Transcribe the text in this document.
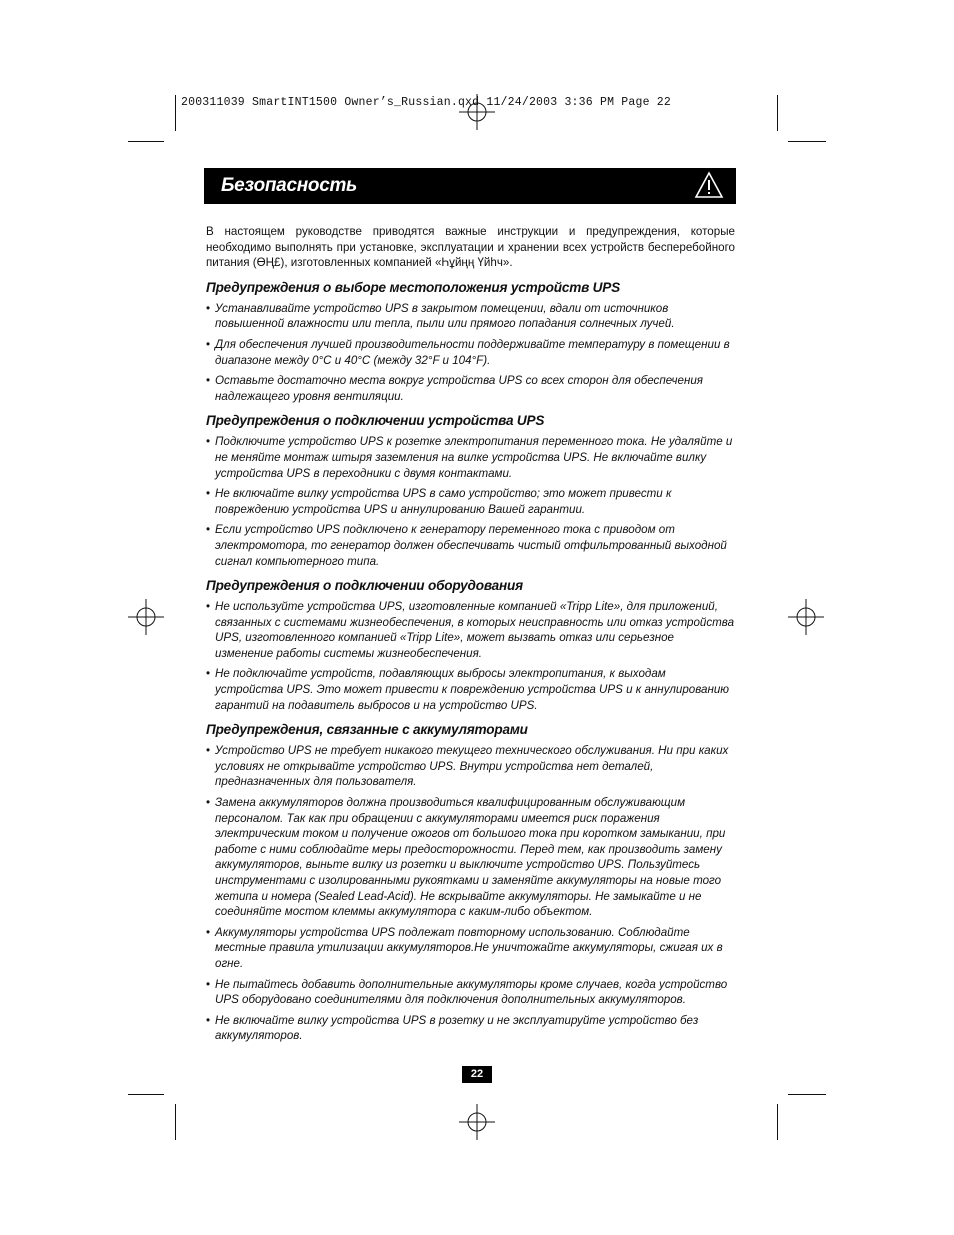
200311039 SmartINT1500 Owner’s_Russian.qxd 11/24/2003 3:36 PM Page 22
Безопасность

В настоящем руководстве приводятся важные инструкции и предупреждения, которые необходимо выполнять при установке, эксплуатации и хранении всех устройств бесперебойного питания (ӨҢ£), изготовленных компанией «Һұйңң Үйһч».

Предупреждения о выборе местоположения устройств UPS
• Устанавливайте устройство UPS в закрытом помещении, вдали от источников повышенной влажности или тепла, пыли или прямого попадания солнечных лучей.
• Для обеспечения лучшей производительности поддерживайте температуру в помещении в диапазоне между 0°C и 40°C (между 32°F и 104°F).
• Оставьте достаточно места вокруг устройства UPS со всех сторон для обеспечения надлежащего уровня вентиляции.
Предупреждения о подключении устройства UPS
• Подключите устройство UPS к розетке электропитания переменного тока. Не удаляйте и не меняйте монтаж штыря заземления на вилке устройства UPS. Не включайте вилку устройства UPS в переходники с двумя контактами.
• Не включайте вилку устройства UPS в само устройство; это может привести к повреждению устройства UPS и аннулированию Вашей гарантии.
• Если устройство UPS подключено к генератору переменного тока с приводом от электромотора, то генератор должен обеспечивать чистый отфильтрованный выходной сигнал компьютерного типа.
Предупреждения о подключении оборудования
• Не используйте устройства UPS, изготовленные компанией «Tripp Lite», для приложений, связанных с системами жизнеобеспечения, в которых неисправность или отказ устройства UPS, изготовленного компанией «Tripp Lite», может вызвать отказ или серьезное изменение работы системы жизнеобеспечения.
• Не подключайте устройств, подавляющих выбросы электропитания, к выходам устройства UPS. Это может привести к повреждению устройства UPS и к аннулированию гарантий на подавитель выбросов и на устройство UPS.
Предупреждения, связанные с аккумуляторами
• Устройство UPS не требует никакого текущего технического обслуживания. Ни при каких условиях не открывайте устройство UPS. Внутри устройства нет деталей, предназначенных для пользователя.
• Замена аккумуляторов должна производиться квалифицированным обслуживающим персоналом. Так как при обращении с аккумуляторами имеется риск поражения электрическим током и получение ожогов от большого тока при коротком замыкании, при работе с ними соблюдайте меры предосторожности. Перед тем, как производить замену аккумуляторов, выньте вилку из розетки и выключите устройство UPS. Пользуйтесь инструментами с изолированными рукоятками и заменяйте аккумуляторы на новые того жетипа и номера (Sealed Lead-Acid). Не вскрывайте аккумуляторы. Не замыкайте и не соединяйте мостом клеммы аккумулятора с каким-либо объектом.
• Аккумуляторы устройства UPS подлежат повторному использованию. Соблюдайте местные правила утилизации аккумуляторов.Не уничтожайте аккумуляторы, сжигая их в огне.
• Не пытайтесь добавить дополнительные аккумуляторы кроме случаев, когда устройство UPS оборудовано соединителями для подключения дополнительных аккумуляторов.
• Не включайте вилку устройства UPS в розетку и не эксплуатируйте устройство без аккумуляторов.
22
